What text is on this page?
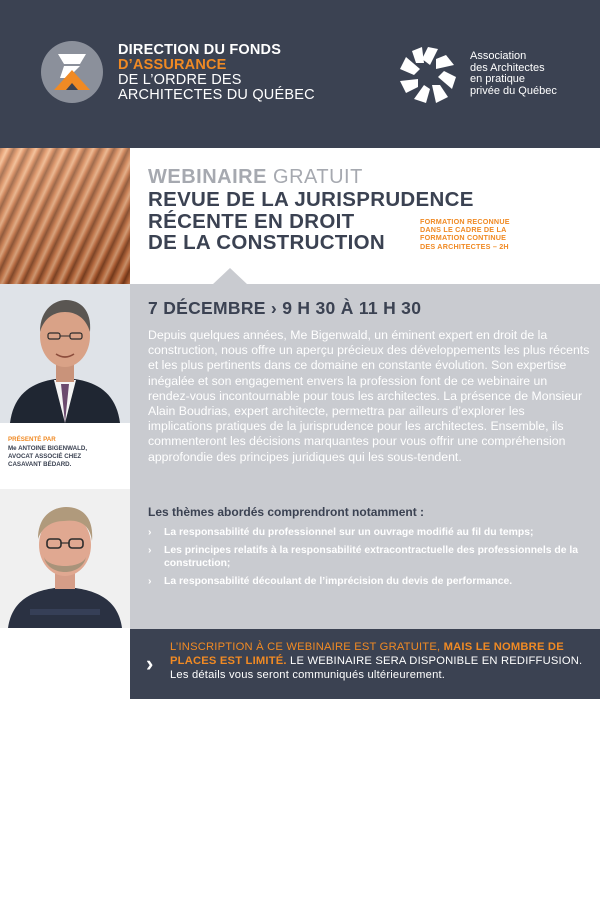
DIRECTION DU FONDS
D’ASSURANCE
DE L’ORDRE DES
ARCHITECTES DU QUÉBEC
Association
des Architectes
en pratique
privée du Québec
WEBINAIRE GRATUIT
REVUE DE LA JURISPRUDENCE
RÉCENTE EN DROIT
DE LA CONSTRUCTION
FORMATION RECONNUE
DANS LE CADRE DE LA
FORMATION CONTINUE
DES ARCHITECTES – 2H
PRÉSENTÉ PAR
Me ANTOINE BIGENWALD,
AVOCAT ASSOCIÉ CHEZ
CASAVANT BÉDARD.
7 DÉCEMBRE › 9 H 30 À 11 H 30

Depuis quelques années, Me Bigenwald, un éminent expert en droit de la construction, nous offre un aperçu précieux des développements les plus récents et les plus pertinents dans ce domaine en constante évolution. Son expertise inégalée et son engagement envers la profession font de ce webinaire un rendez-vous incontournable pour tous les architectes. La présence de Monsieur Alain Boudrias, expert architecte, permettra par ailleurs d’explorer les implications pratiques de la jurisprudence pour les architectes. Ensemble, ils commenteront les décisions marquantes pour vous offrir une compréhension approfondie des principes juridiques qui les sous-tendent.

Les thèmes abordés comprendront notamment :
› La responsabilité du professionnel sur un ouvrage modifié au fil du temps;
› Les principes relatifs à la responsabilité extracontractuelle des professionnels de la construction;
› La responsabilité découlant de l’imprécision du devis de performance.
›

L’INSCRIPTION À CE WEBINAIRE EST GRATUITE, MAIS LE NOMBRE DE PLACES EST LIMITÉ. LE WEBINAIRE SERA DISPONIBLE EN REDIFFUSION. Les détails vous seront communiqués ultérieurement.
